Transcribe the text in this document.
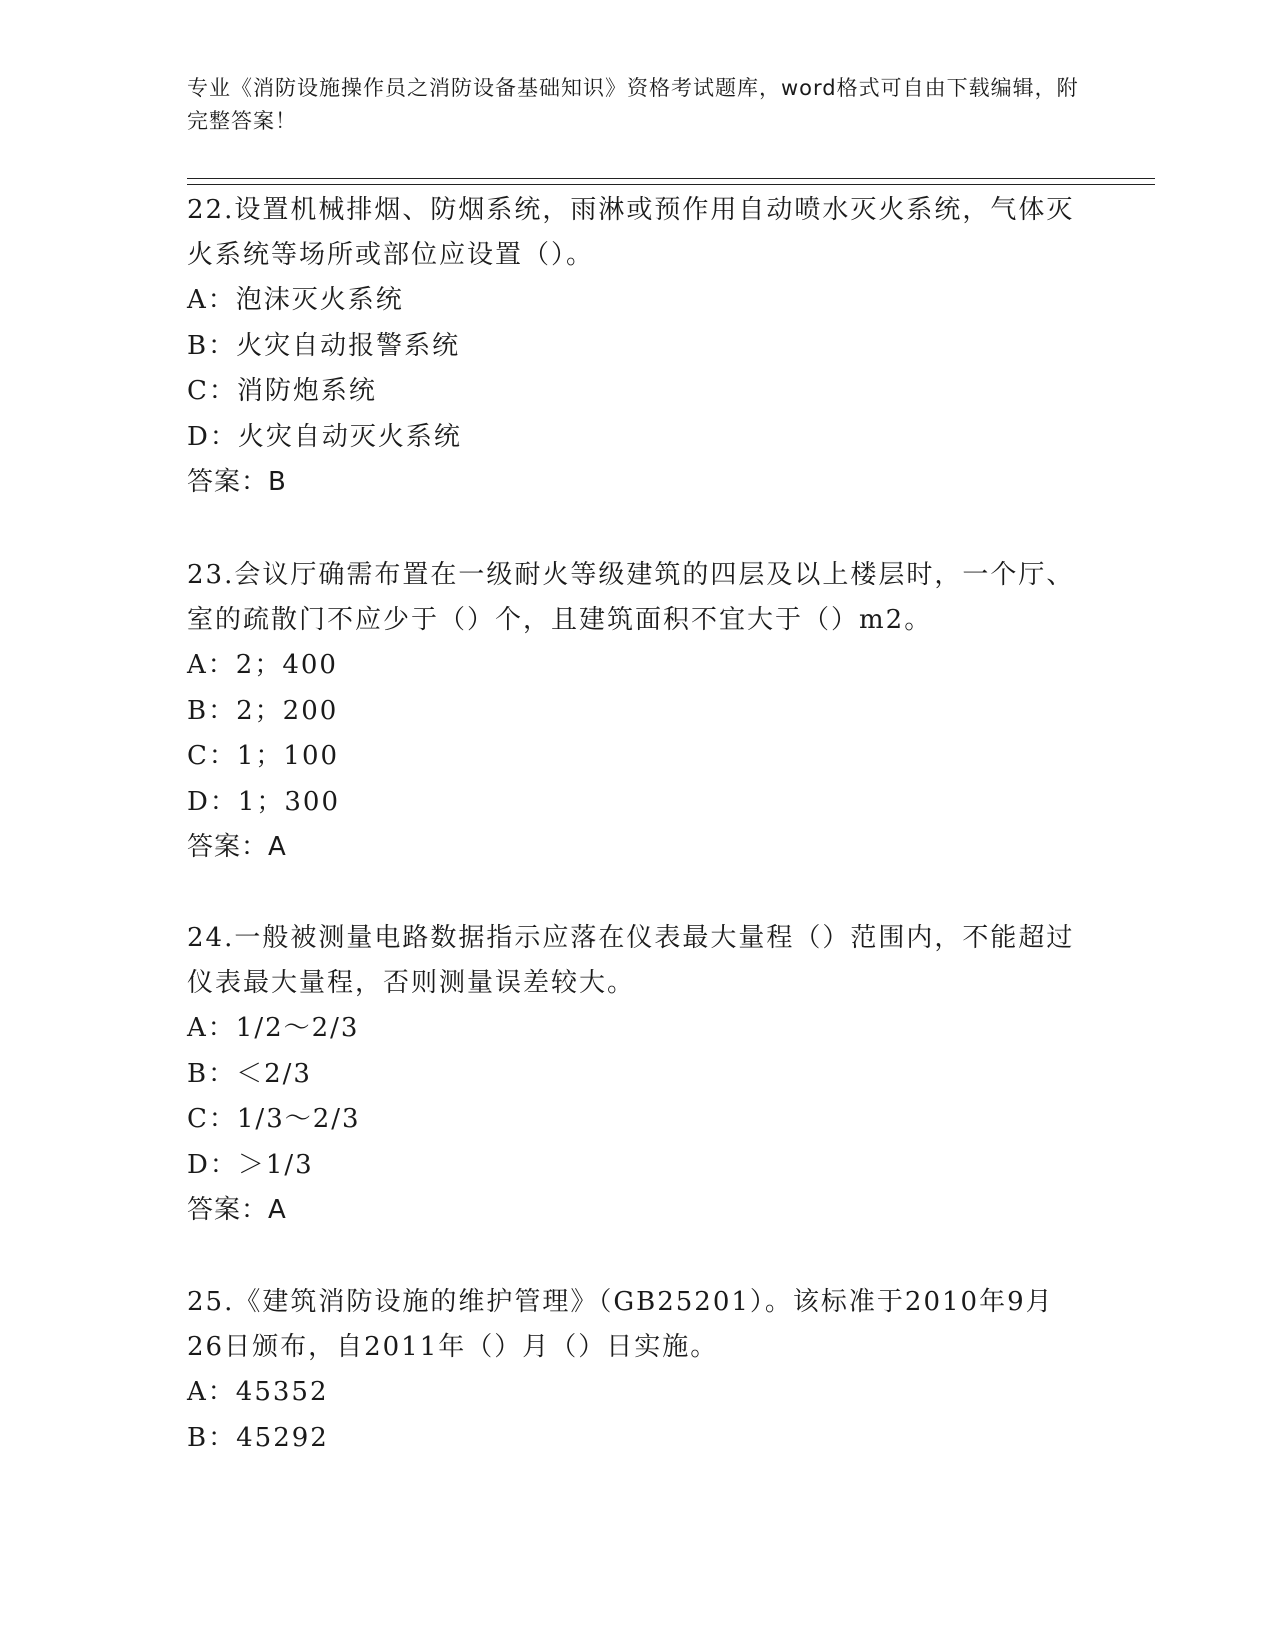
专业《消防设施操作员之消防设备基础知识》资格考试题库，word格式可自由下载编辑，附完整答案！

22.设置机械排烟、防烟系统，雨淋或预作用自动喷水灭火系统，气体灭火系统等场所或部位应设置（）。

A：泡沫灭火系统
B：火灾自动报警系统
C：消防炮系统
D：火灾自动灭火系统
答案：B

23.会议厅确需布置在一级耐火等级建筑的四层及以上楼层时，一个厅、室的疏散门不应少于（）个，且建筑面积不宜大于（）m2。

A：2；400
B：2；200
C：1；100
D：1；300
答案：A

24.一般被测量电路数据指示应落在仪表最大量程（）范围内，不能超过仪表最大量程，否则测量误差较大。

A：1/2～2/3
B：＜2/3
C：1/3～2/3
D：＞1/3
答案：A

25.《建筑消防设施的维护管理》（GB25201）。该标准于2010年9月26日颁布，自2011年（）月（）日实施。

A：45352
B：45292
